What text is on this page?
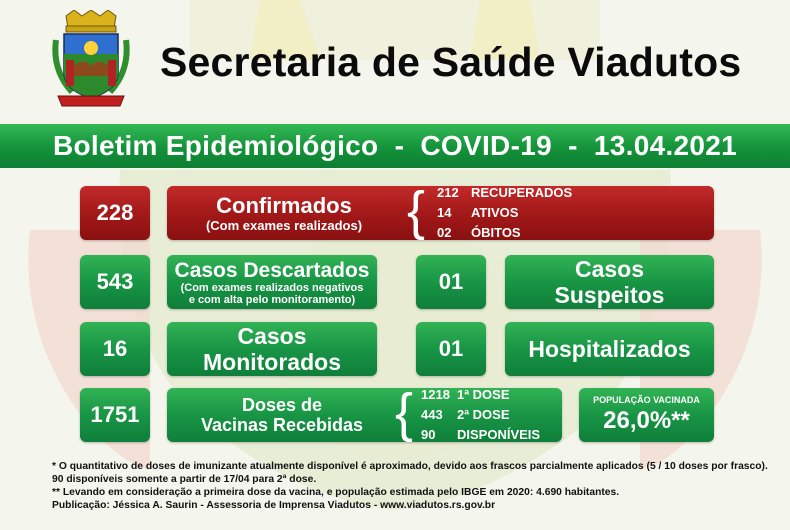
Secretaria de Saúde Viadutos
Boletim Epidemiológico  -  COVID-19  -  13.04.2021
228	Confirmados
(Com exames realizados) { 212 RECUPERADOS
14	ATIVOS
02	ÓBITOS
543 Casos Descartados
(Com exames realizados negativos
e com alta pelo monitoramento)
01	Casos
Suspeitos
16	Casos
Monitorados
01	Hospitalizados
1751	Doses de
Vacinas Recebidas { 1218 1ª DOSE
443	2ª DOSE
90	DISPONÍVEIS
POPULAÇÃO VACINADA
26,0%**
* O quantitativo de doses de imunizante atualmente disponível é aproximado, devido aos frascos parcialmente aplicados (5 / 10 doses por frasco). 90 disponíveis somente a partir de 17/04 para 2ª dose.
** Levando em consideração a primeira dose da vacina, e população estimada pelo IBGE em 2020: 4.690 habitantes.
Publicação: Jéssica A. Saurin - Assessoria de Imprensa Viadutos - www.viadutos.rs.gov.br
